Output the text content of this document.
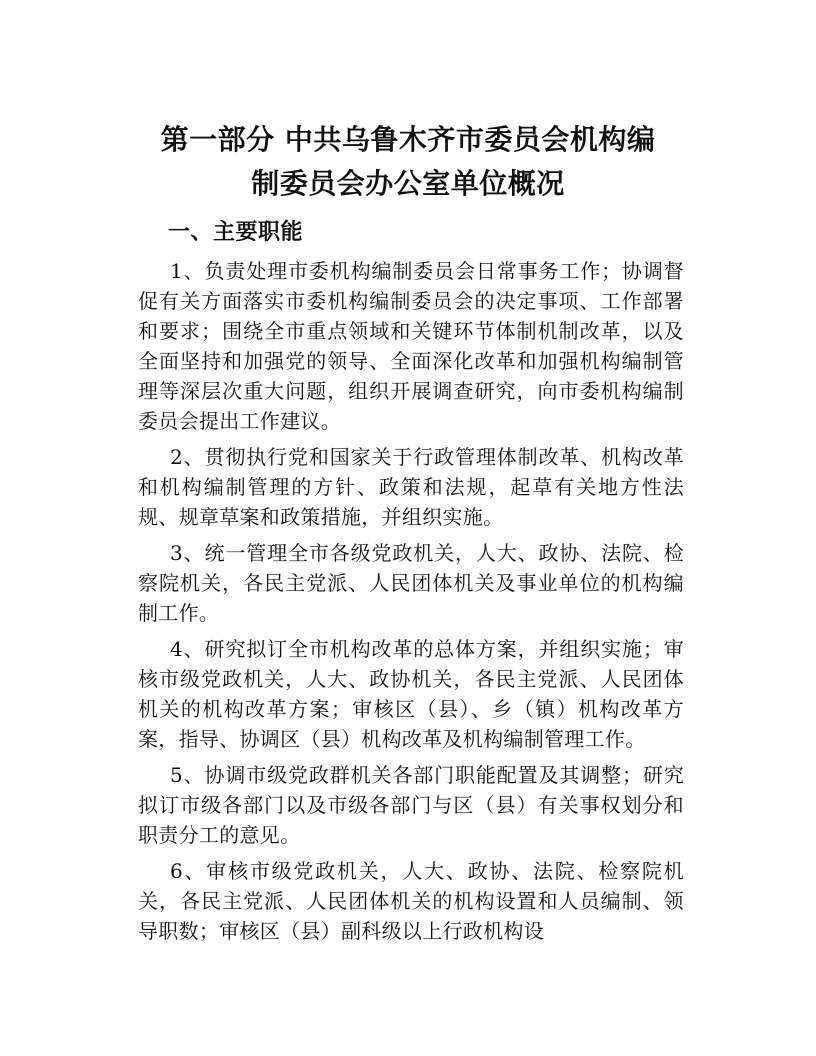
第一部分 中共乌鲁木齐市委员会机构编
制委员会办公室单位概况
一、主要职能

1、负责处理市委机构编制委员会日常事务工作；协调督促有关方面落实市委机构编制委员会的决定事项、工作部署和要求；围绕全市重点领域和关键环节体制机制改革，以及全面坚持和加强党的领导、全面深化改革和加强机构编制管理等深层次重大问题，组织开展调查研究，向市委机构编制委员会提出工作建议。

2、贯彻执行党和国家关于行政管理体制改革、机构改革和机构编制管理的方针、政策和法规，起草有关地方性法规、规章草案和政策措施，并组织实施。

3、统一管理全市各级党政机关，人大、政协、法院、检察院机关，各民主党派、人民团体机关及事业单位的机构编制工作。

4、研究拟订全市机构改革的总体方案，并组织实施；审核市级党政机关，人大、政协机关，各民主党派、人民团体机关的机构改革方案；审核区（县）、乡（镇）机构改革方案，指导、协调区（县）机构改革及机构编制管理工作。

5、协调市级党政群机关各部门职能配置及其调整；研究拟订市级各部门以及市级各部门与区（县）有关事权划分和职责分工的意见。

6、审核市级党政机关，人大、政协、法院、检察院机关，各民主党派、人民团体机关的机构设置和人员编制、领导职数；审核区（县）副科级以上行政机构设
